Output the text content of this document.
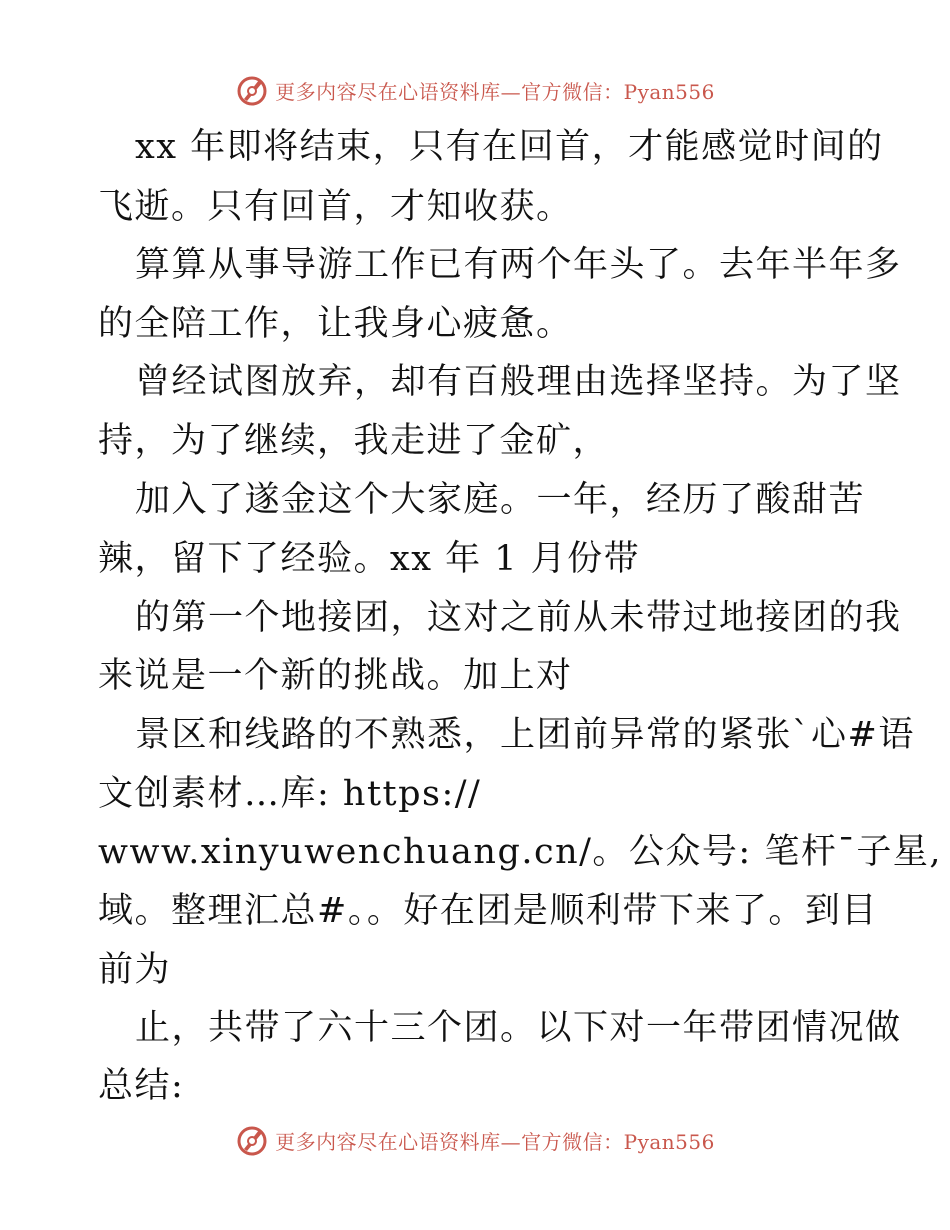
更多内容尽在心语资料库—官方微信：Pyan556
xx 年即将结束，只有在回首，才能感觉时间的
飞逝。只有回首，才知收获。
算算从事导游工作已有两个年头了。去年半年多
的全陪工作，让我身心疲惫。
曾经试图放弃，却有百般理由选择坚持。为了坚
持，为了继续，我走进了金矿，
加入了遂金这个大家庭。一年，经历了酸甜苦
辣，留下了经验。xx 年 1 月份带
的第一个地接团，这对之前从未带过地接团的我
来说是一个新的挑战。加上对
景区和线路的不熟悉，上团前异常的紧张`心#语
文创素材…库: https://
www.xinyuwenchuang.cn/。公众号: 笔杆¯子星,
域。整理汇总#。。好在团是顺利带下来了。到目
前为
止，共带了六十三个团。以下对一年带团情况做
总结:
更多内容尽在心语资料库—官方微信：Pyan556
